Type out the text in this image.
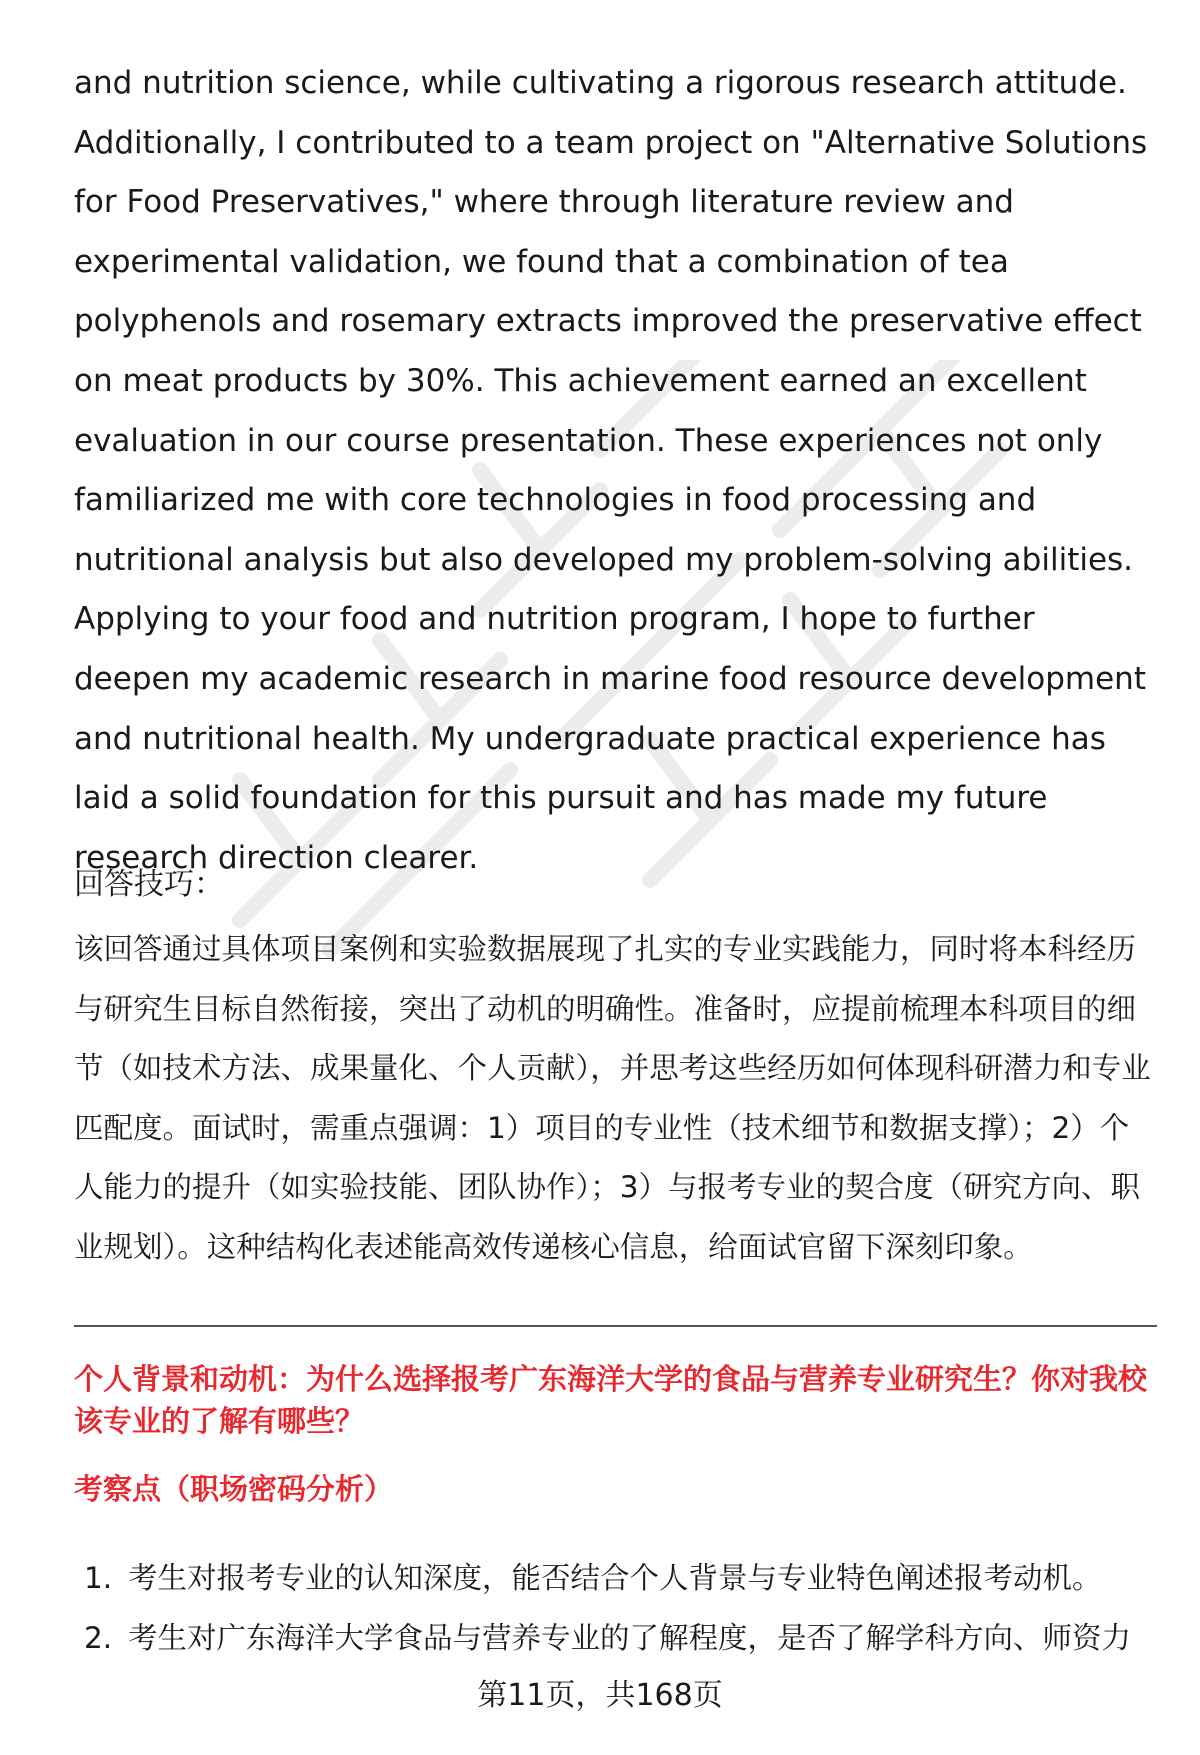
and nutrition science, while cultivating a rigorous research attitude. Additionally, I contributed to a team project on "Alternative Solutions for Food Preservatives," where through literature review and experimental validation, we found that a combination of tea polyphenols and rosemary extracts improved the preservative effect on meat products by 30%. This achievement earned an excellent evaluation in our course presentation. These experiences not only familiarized me with core technologies in food processing and nutritional analysis but also developed my problem-solving abilities. Applying to your food and nutrition program, I hope to further deepen my academic research in marine food resource development and nutritional health. My undergraduate practical experience has laid a solid foundation for this pursuit and has made my future research direction clearer.

回答技巧：

该回答通过具体项目案例和实验数据展现了扎实的专业实践能力，同时将本科经历与研究生目标自然衔接，突出了动机的明确性。准备时，应提前梳理本科项目的细节（如技术方法、成果量化、个人贡献），并思考这些经历如何体现科研潜力和专业匹配度。面试时，需重点强调：1）项目的专业性（技术细节和数据支撑）；2）个人能力的提升（如实验技能、团队协作）；3）与报考专业的契合度（研究方向、职业规划）。这种结构化表述能高效传递核心信息，给面试官留下深刻印象。

个人背景和动机：为什么选择报考广东海洋大学的食品与营养专业研究生？你对我校该专业的了解有哪些？

考察点（职场密码分析）

1. 考生对报考专业的认知深度，能否结合个人背景与专业特色阐述报考动机。
2. 考生对广东海洋大学食品与营养专业的了解程度，是否了解学科方向、师资力
第11页，共168页
